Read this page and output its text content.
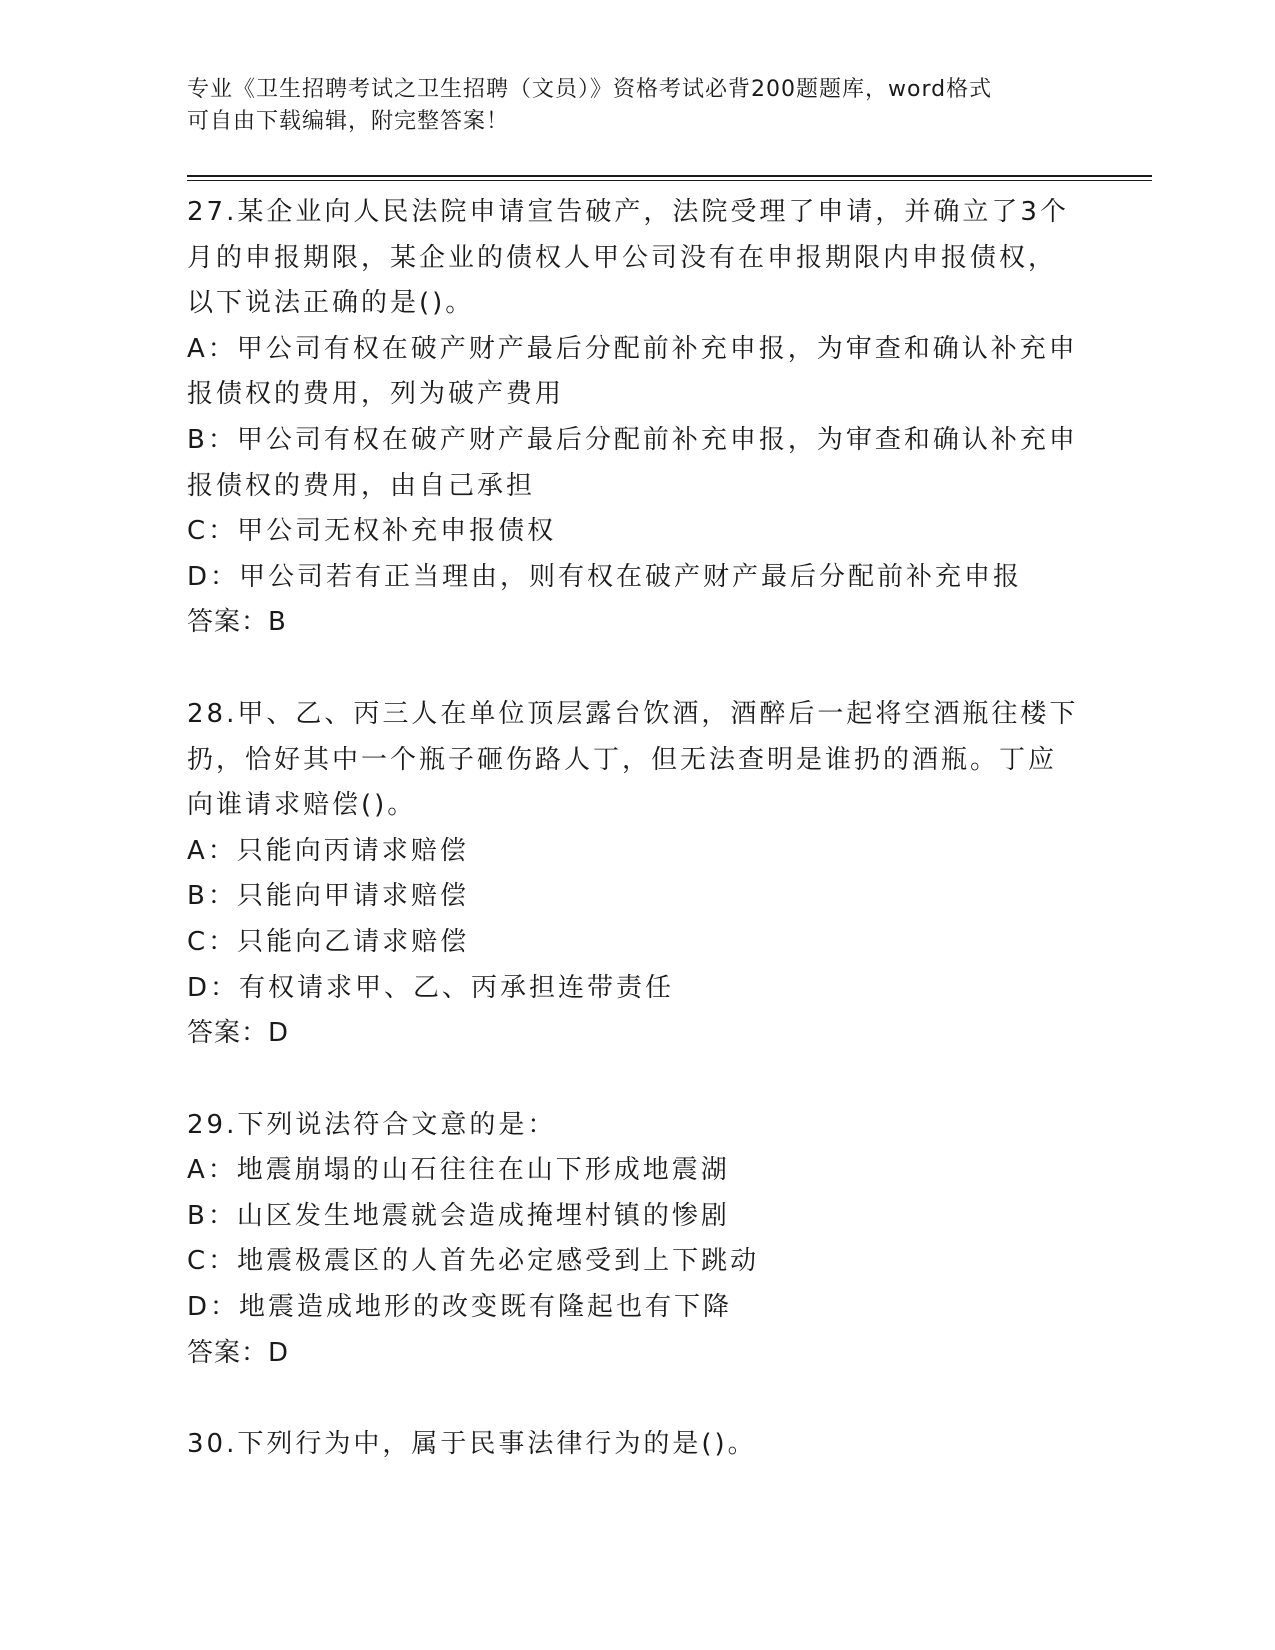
专业《卫生招聘考试之卫生招聘（文员）》资格考试必背200题题库，word格式
可自由下载编辑，附完整答案！
27.某企业向人民法院申请宣告破产，法院受理了申请，并确立了3个
月的申报期限，某企业的债权人甲公司没有在申报期限内申报债权，
以下说法正确的是()。
A：甲公司有权在破产财产最后分配前补充申报，为审查和确认补充申
报债权的费用，列为破产费用
B：甲公司有权在破产财产最后分配前补充申报，为审查和确认补充申
报债权的费用，由自己承担
C：甲公司无权补充申报债权
D：甲公司若有正当理由，则有权在破产财产最后分配前补充申报
答案：B
28.甲、乙、丙三人在单位顶层露台饮酒，酒醉后一起将空酒瓶往楼下
扔，恰好其中一个瓶子砸伤路人丁，但无法查明是谁扔的酒瓶。丁应
向谁请求赔偿()。
A：只能向丙请求赔偿
B：只能向甲请求赔偿
C：只能向乙请求赔偿
D：有权请求甲、乙、丙承担连带责任
答案：D
29.下列说法符合文意的是：
A：地震崩塌的山石往往在山下形成地震湖
B：山区发生地震就会造成掩埋村镇的惨剧
C：地震极震区的人首先必定感受到上下跳动
D：地震造成地形的改变既有隆起也有下降
答案：D
30.下列行为中，属于民事法律行为的是()。
